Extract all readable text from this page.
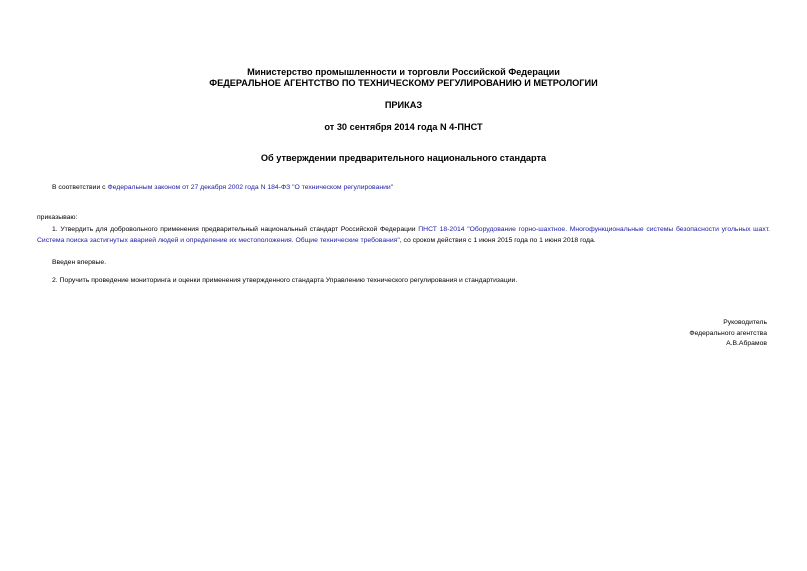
Министерство промышленности и торговли Российской Федерации
ФЕДЕРАЛЬНОЕ АГЕНТСТВО ПО ТЕХНИЧЕСКОМУ РЕГУЛИРОВАНИЮ И МЕТРОЛОГИИ
ПРИКАЗ
от 30 сентября 2014 года N 4-ПНСТ
Об утверждении предварительного национального стандарта
В соответствии с Федеральным законом от 27 декабря 2002 года N 184-ФЗ "О техническом регулировании"
приказываю:
1. Утвердить для добровольного применения предварительный национальный стандарт Российской Федерации ПНСТ 18-2014 "Оборудование горно-шахтное. Многофункциональные системы безопасности угольных шахт. Система поиска застигнутых аварией людей и определение их местоположения. Общие технические требования", со сроком действия с 1 июня 2015 года по 1 июня 2018 года.
Введен впервые.
2. Поручить проведение мониторинга и оценки применения утвержденного стандарта Управлению технического регулирования и стандартизации.
Руководитель
Федерального агентства
А.В.Абрамов
